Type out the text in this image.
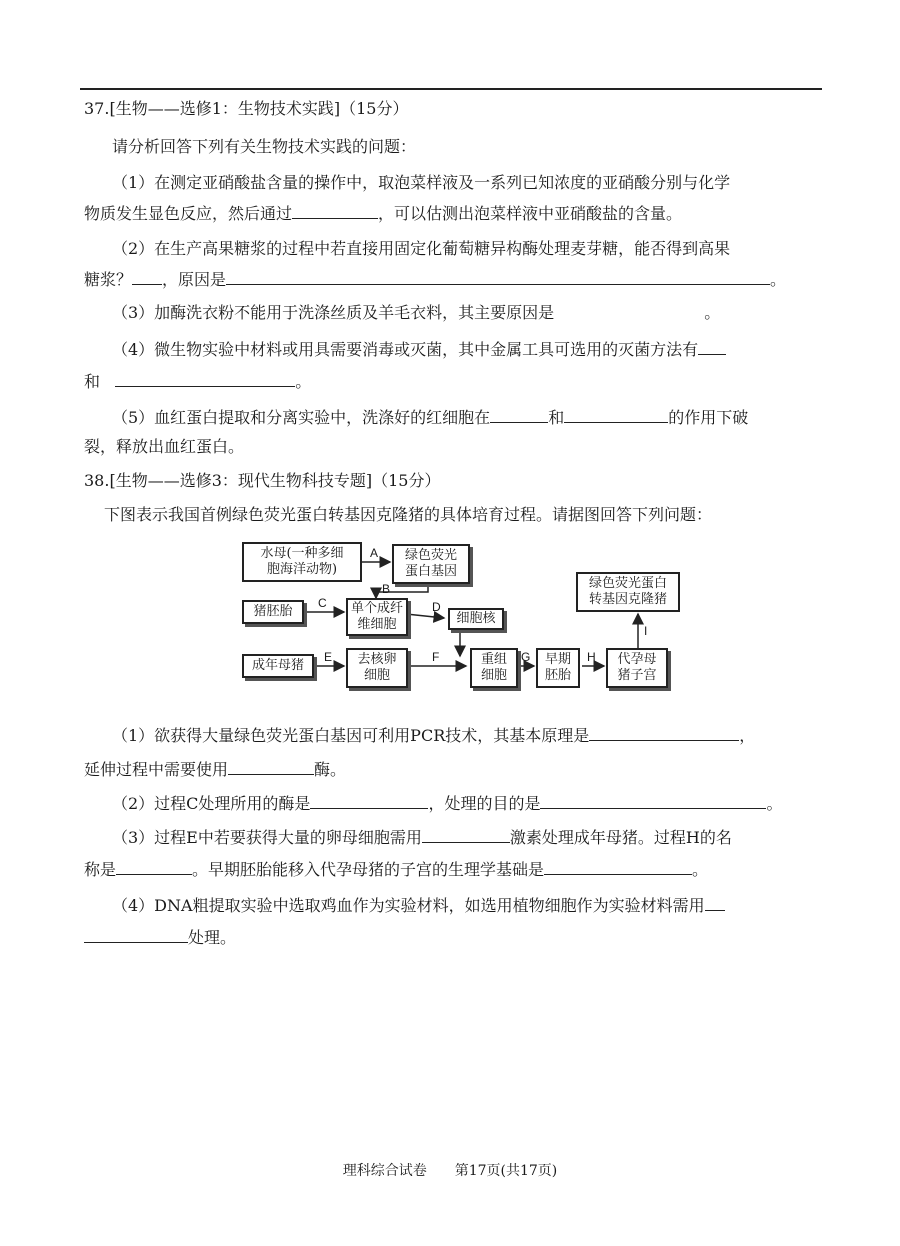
37.[生物——选修1：生物技术实践]（15分）
请分析回答下列有关生物技术实践的问题：
（1）在测定亚硝酸盐含量的操作中，取泡菜样液及一系列已知浓度的亚硝酸分别与化学
物质发生显色反应，然后通过	，可以估测出泡菜样液中亚硝酸盐的含量。
（2）在生产高果糖浆的过程中若直接用固定化葡萄糖异构酶处理麦芽糖，能否得到高果
糖浆？ ，原因是	。
（3）加酶洗衣粉不能用于洗涤丝质及羊毛衣料，其主要原因是	。
（4）微生物实验中材料或用具需要消毒或灭菌，其中金属工具可选用的灭菌方法有
和	。
（5）血红蛋白提取和分离实验中，洗涤好的红细胞在	和	的作用下破
裂，释放出血红蛋白。
38.[生物——选修3：现代生物科技专题]（15分）
下图表示我国首例绿色荧光蛋白转基因克隆猪的具体培育过程。请据图回答下列问题：
水母(一种多细
胞海洋动物)
绿色荧光
蛋白基因
猪胚胎	单个成纤
维细胞	细胞核
成年母猪	去核卵
细胞
重组
细胞
早期
胚胎
代孕母
猪子宫
绿色荧光蛋白
转基因克隆猪
A
B
C	D
E	F	G	H
I
（1）欲获得大量绿色荧光蛋白基因可利用PCR技术，其基本原理是	，
延伸过程中需要使用	酶。
（2）过程C处理所用的酶是	，处理的目的是	。
（3）过程E中若要获得大量的卵母细胞需用	激素处理成年母猪。过程H的名
称是	。早期胚胎能移入代孕母猪的子宫的生理学基础是	。
（4）DNA粗提取实验中选取鸡血作为实验材料，如选用植物细胞作为实验材料需用
处理。
理科综合试卷　　第17页(共17页)
